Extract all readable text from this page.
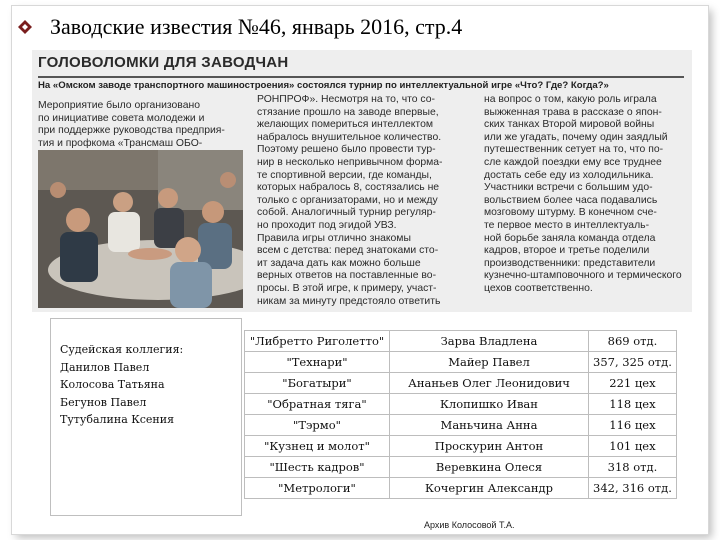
Заводские известия №46, январь 2016, стр.4
ГОЛОВОЛОМКИ ДЛЯ ЗАВОДЧАН
На «Омском заводе транспортного машиностроения» состоялся турнир по интеллектуальной игре «Что? Где? Когда?»

Мероприятие было организовано

по инициативе совета молодежи и

при поддержке руководства предприя-

тия и профкома «Трансмаш ОБО-

РОНПРОФ». Несмотря на то, что со-

стязание прошло на заводе впервые,

желающих помериться интеллектом

набралось внушительное количество.

Поэтому решено было провести тур-

нир в несколько непривычном форма-

те спортивной версии, где команды,

которых набралось 8, состязались не

только с организаторами, но и между

собой. Аналогичный турнир регуляр-

но проходит под эгидой УВЗ.

Правила игры отлично знакомы

всем с детства: перед знатоками сто-

ит задача дать как можно больше

верных ответов на поставленные во-

просы. В этой игре, к примеру, участ-

никам за минуту предстояло ответить

на вопрос о том, какую роль играла

выжженная трава в рассказе о япон-

ских танках Второй мировой войны

или же угадать, почему один заядлый

путешественник сетует на то, что по-

сле каждой поездки ему все труднее

достать себе еду из холодильника.

Участники встречи с большим удо-

вольствием более часа подавались

мозговому штурму. В конечном сче-

те первое место в интеллектуаль-

ной борьбе заняла команда отдела

кадров, второе и третье поделили

производственники: представители

кузнечно-штамповочного и термического

цехов соответственно.

Судейская коллегия:

Данилов Павел

Колосова Татьяна

Бегунов Павел

Тутубалина Ксения

"Либретто Риголетто"	Зарва Владлена	869 отд.
"Технари"	Майер Павел	357, 325 отд.
"Богатыри"	Ананьев Олег Леонидович	221 цех
"Обратная тяга"	Клопишко Иван	118 цех
"Тэрмо"	Маньчина Анна	116 цех
"Кузнец и молот"	Проскурин Антон	101 цех
"Шесть кадров"	Веревкина Олеся	318 отд.
"Метрологи"	Кочергин Александр	342, 316 отд.
Архив Колосовой Т.А.
